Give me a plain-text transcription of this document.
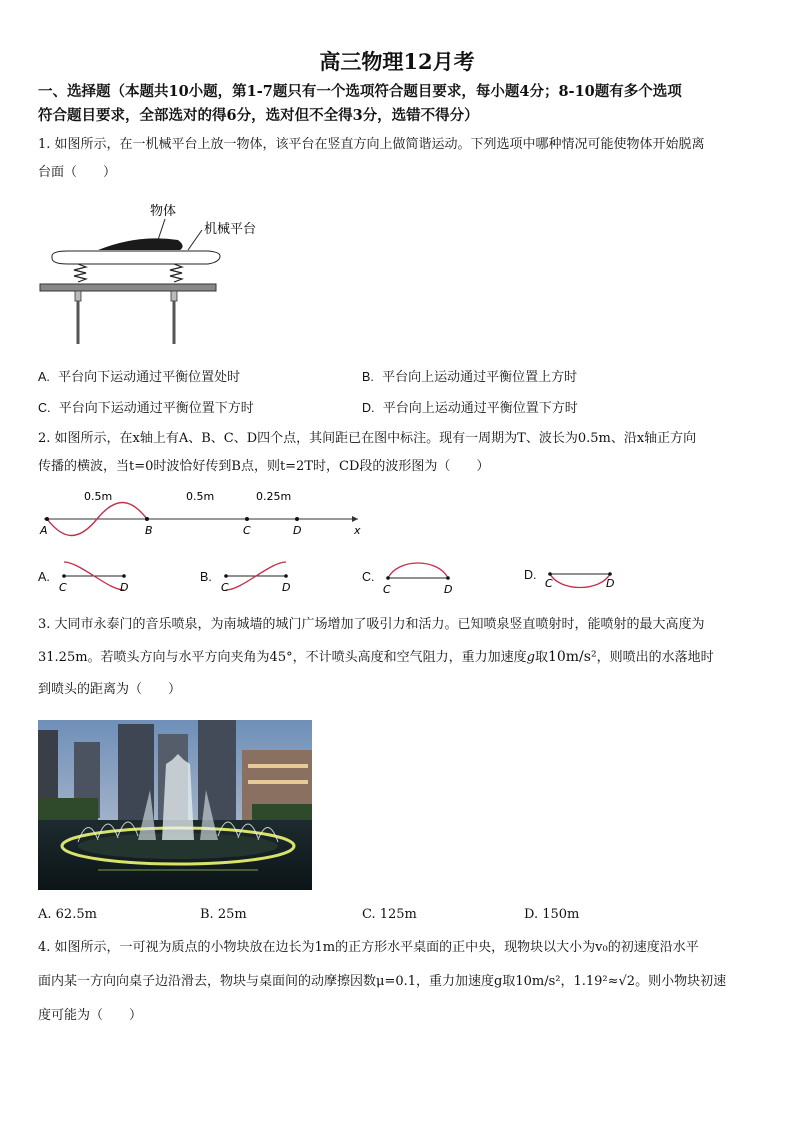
高三物理12月考
一、选择题（本题共10小题，第1-7题只有一个选项符合题目要求，每小题4分；8-10题有多个选项
符合题目要求，全部选对的得6分，选对但不全得3分，选错不得分）
1. 如图所示，在一机械平台上放一物体，该平台在竖直方向上做简谐运动。下列选项中哪种情况可能使物体开始脱离
台面（　　）
物体
机械平台
A. 平台向下运动通过平衡位置处时	B. 平台向上运动通过平衡位置上方时
C. 平台向下运动通过平衡位置下方时	D. 平台向上运动通过平衡位置下方时
2. 如图所示，在x轴上有A、B、C、D四个点，其间距已在图中标注。现有一周期为T、波长为0.5m、沿x轴正方向
传播的横波，当t=0时波恰好传到B点，则t=2T时，CD段的波形图为（　　）
0.5m	0.5m	0.25m
A	B	C	D	x
A.
C	D
B.
C	D
C.
C	D
D.
C	D
3. 大同市永泰门的音乐喷泉，为南城墙的城门广场增加了吸引力和活力。已知喷泉竖直喷射时，能喷射的最大高度为
31.25m。若喷头方向与水平方向夹角为45°，不计喷头高度和空气阻力，重力加速度g取10m/s²，则喷出的水落地时
到喷头的距离为（　　）
A. 62.5m	B. 25m	C. 125m	D. 150m
4. 如图所示，一可视为质点的小物块放在边长为1m的正方形水平桌面的正中央，现物块以大小为v₀的初速度沿水平
面内某一方向向桌子边沿滑去，物块与桌面间的动摩擦因数μ=0.1，重力加速度g取10m/s²，1.19²≈√2。则小物块初速
度可能为（　　）
